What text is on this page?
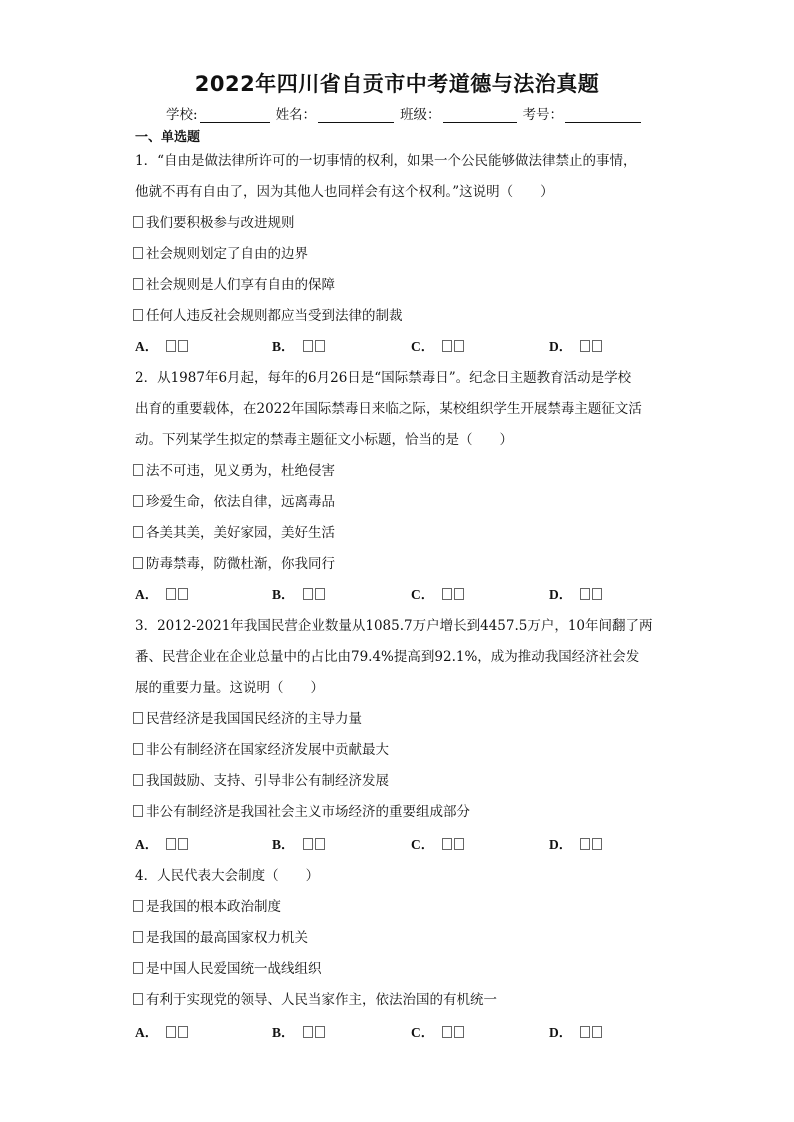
2022年四川省自贡市中考道德与法治真题
学校:	姓名：	班级：	考号：
一、单选题
1．“自由是做法律所许可的一切事情的权利，如果一个公民能够做法律禁止的事情，
他就不再有自由了，因为其他人也同样会有这个权利。”这说明（　　）
我们要积极参与改进规则
社会规则划定了自由的边界
社会规则是人们享有自由的保障
任何人违反社会规则都应当受到法律的制裁
A．	B．	C．	D．
2．从1987年6月起，每年的6月26日是“国际禁毒日”。纪念日主题教育活动是学校
出育的重要载体，在2022年国际禁毒日来临之际，某校组织学生开展禁毒主题征文活
动。下列某学生拟定的禁毒主题征文小标题，恰当的是（　　）
法不可违，见义勇为，杜绝侵害
珍爱生命，依法自律，远离毒品
各美其美，美好家园，美好生活
防毒禁毒，防微杜渐，你我同行
A．	B．	C．	D．
3．2012-2021年我国民营企业数量从1085.7万户增长到4457.5万户，10年间翻了两
番、民营企业在企业总量中的占比由79.4%提高到92.1%，成为推动我国经济社会发
展的重要力量。这说明（　　）
民营经济是我国国民经济的主导力量
非公有制经济在国家经济发展中贡献最大
我国鼓励、支持、引导非公有制经济发展
非公有制经济是我国社会主义市场经济的重要组成部分
A．	B．	C．	D．
4．人民代表大会制度（　　）
是我国的根本政治制度
是我国的最高国家权力机关
是中国人民爱国统一战线组织
有利于实现党的领导、人民当家作主，依法治国的有机统一
A．	B．	C．	D．
